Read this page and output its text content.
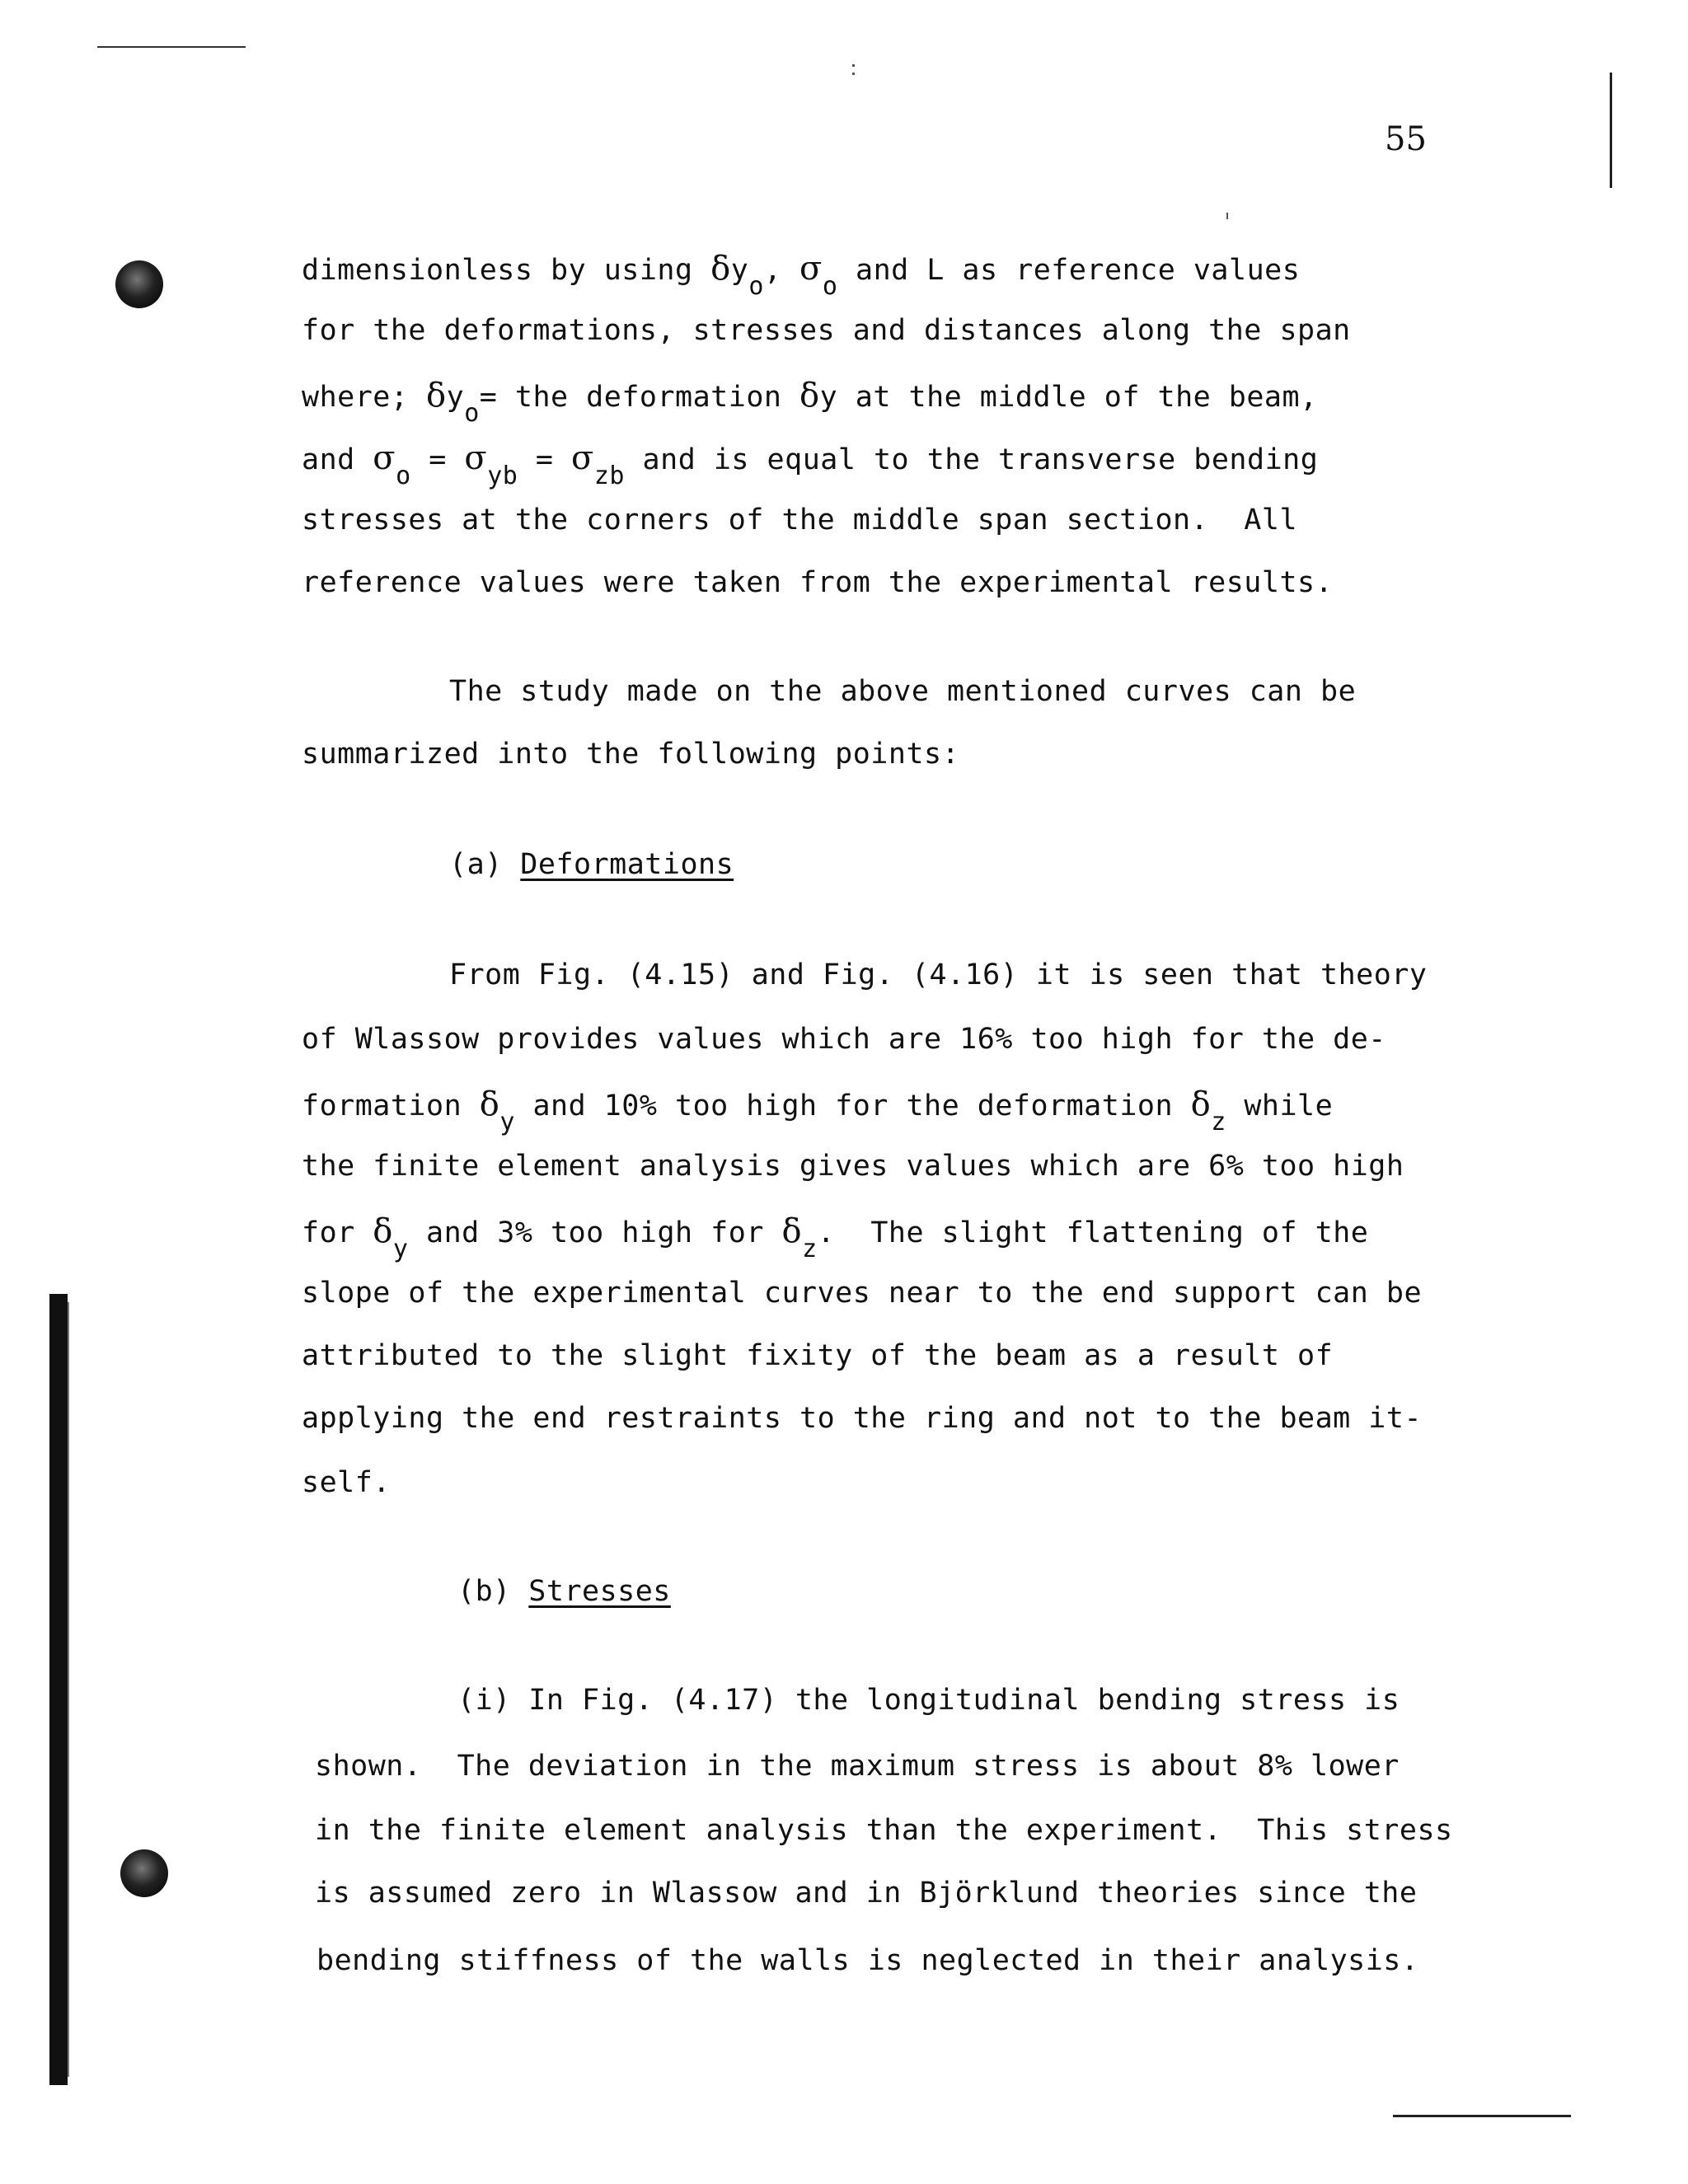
55
dimensionless by using δyo, σo and L as reference values
for the deformations, stresses and distances along the span
where; δyo= the deformation δy at the middle of the beam,
and σo = σyb = σzb and is equal to the transverse bending
stresses at the corners of the middle span section.  All
reference values were taken from the experimental results.
The study made on the above mentioned curves can be
summarized into the following points:
(a) Deformations
From Fig. (4.15) and Fig. (4.16) it is seen that theory
of Wlassow provides values which are 16% too high for the de-
formation δy and 10% too high for the deformation δz while
the finite element analysis gives values which are 6% too high
for δy and 3% too high for δz.  The slight flattening of the
slope of the experimental curves near to the end support can be
attributed to the slight fixity of the beam as a result of
applying the end restraints to the ring and not to the beam it-
self.
(b) Stresses
(i) In Fig. (4.17) the longitudinal bending stress is
shown.  The deviation in the maximum stress is about 8% lower
in the finite element analysis than the experiment.  This stress
is assumed zero in Wlassow and in Björklund theories since the
bending stiffness of the walls is neglected in their analysis.
